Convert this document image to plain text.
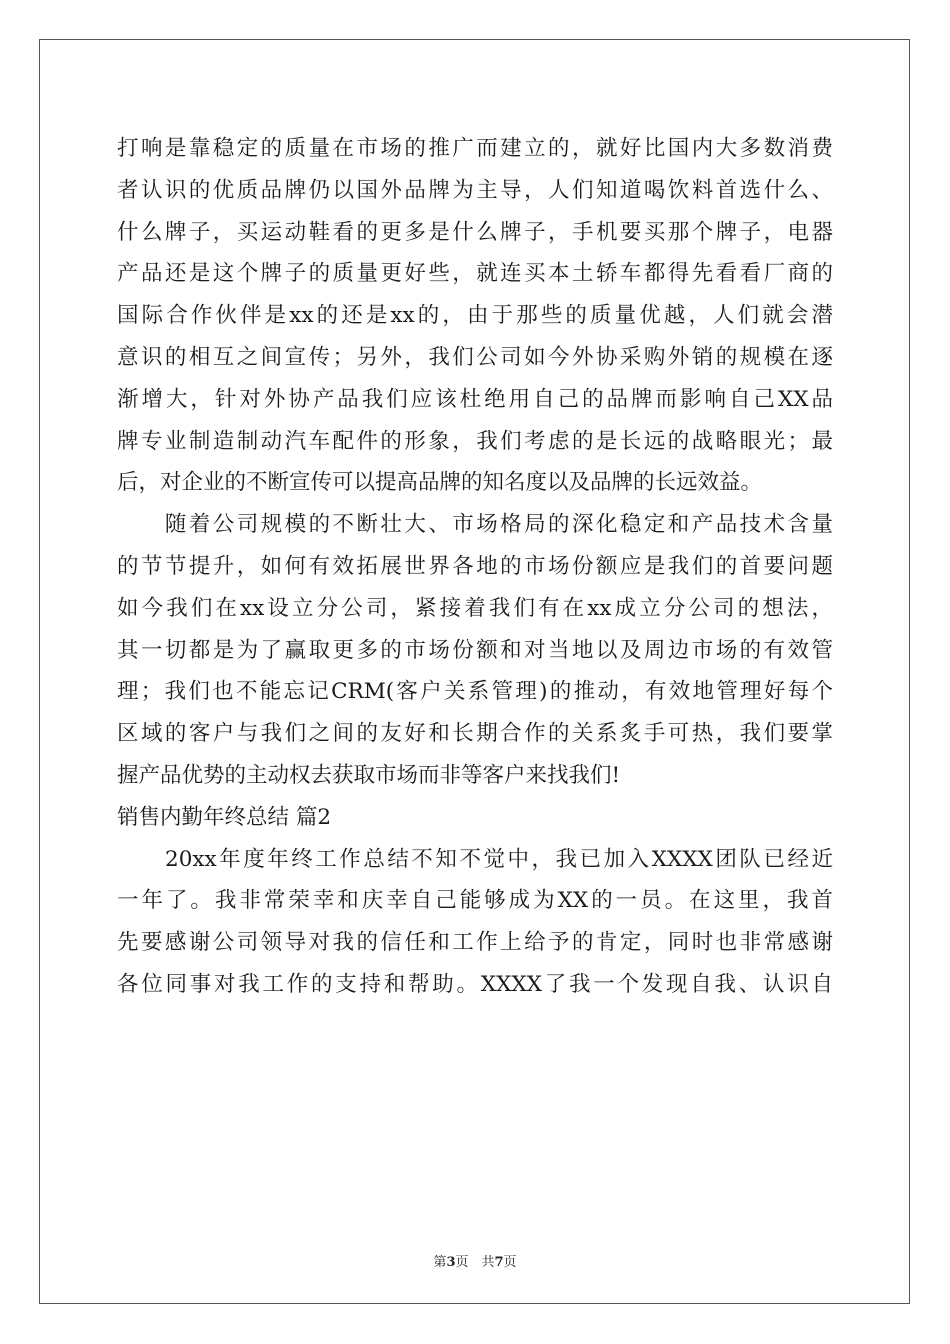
打响是靠稳定的质量在市场的推广而建立的，就好比国内大多数消费
者认识的优质品牌仍以国外品牌为主导，人们知道喝饮料首选什么、
什么牌子，买运动鞋看的更多是什么牌子，手机要买那个牌子，电器
产品还是这个牌子的质量更好些，就连买本土轿车都得先看看厂商的
国际合作伙伴是xx的还是xx的，由于那些的质量优越，人们就会潜
意识的相互之间宣传；另外，我们公司如今外协采购外销的规模在逐
渐增大，针对外协产品我们应该杜绝用自己的品牌而影响自己XX品
牌专业制造制动汽车配件的形象，我们考虑的是长远的战略眼光；最
后，对企业的不断宣传可以提高品牌的知名度以及品牌的长远效益。
　　随着公司规模的不断壮大、市场格局的深化稳定和产品技术含量
的节节提升，如何有效拓展世界各地的市场份额应是我们的首要问题
如今我们在xx设立分公司，紧接着我们有在xx成立分公司的想法，
其一切都是为了赢取更多的市场份额和对当地以及周边市场的有效管
理；我们也不能忘记CRM(客户关系管理)的推动，有效地管理好每个
区域的客户与我们之间的友好和长期合作的关系炙手可热，我们要掌
握产品优势的主动权去获取市场而非等客户来找我们!
销售内勤年终总结 篇2
　　20xx年度年终工作总结不知不觉中，我已加入XXXX团队已经近
一年了。我非常荣幸和庆幸自己能够成为XX的一员。在这里，我首
先要感谢公司领导对我的信任和工作上给予的肯定，同时也非常感谢
各位同事对我工作的支持和帮助。XXXX了我一个发现自我、认识自
第3页　共7页
